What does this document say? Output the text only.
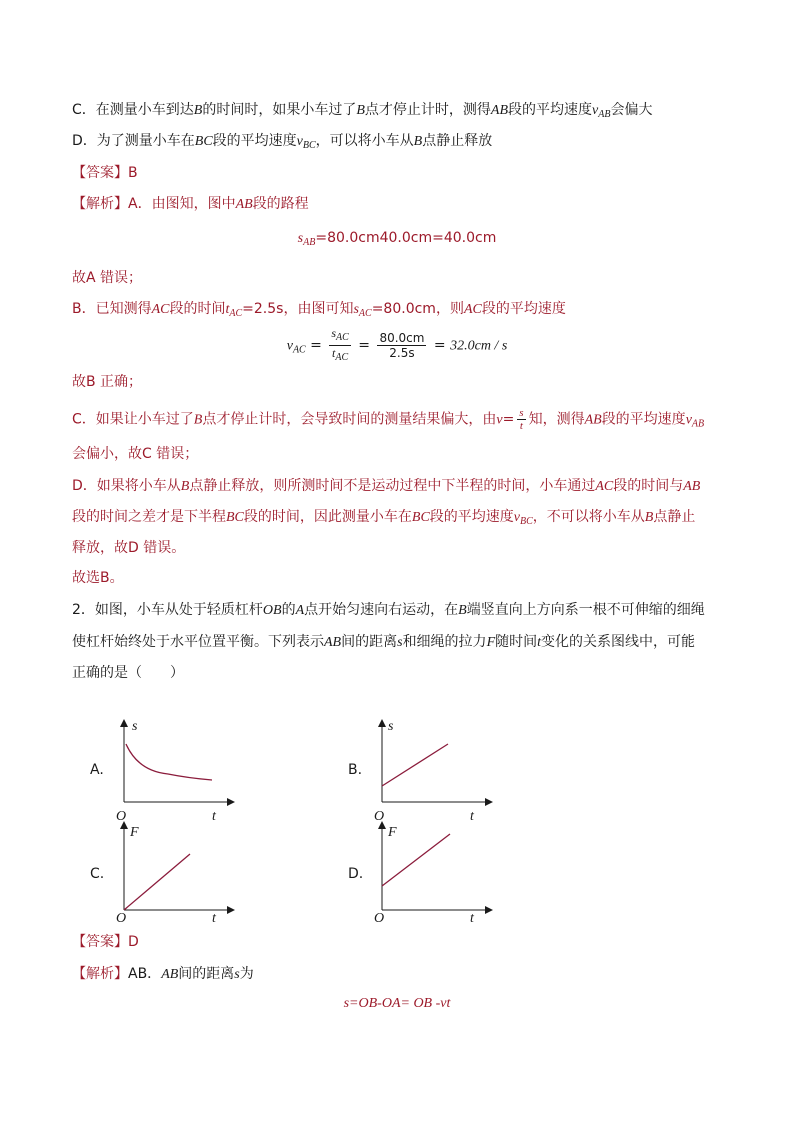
C．在测量小车到达B的时间时，如果小车过了B点才停止计时，测得AB段的平均速度$v_{AB}$会偏大
D．为了测量小车在BC段的平均速度$v_{BC}$，可以将小车从B点静止释放
【答案】B
【解析】A．由图知，图中AB段的路程
$s_{AB}=80.0cm40.0cm=40.0cm$
故A 错误；
B．已知测得AC段的时间$t_{AC}=2.5s$，由图可知$s_{AC}=80.0cm$，则AC段的平均速度
$v_{AC} = \frac{s_{AC}}{t_{AC}} = \frac{80.0cm}{2.5s} = 32.0cm / s$
故B 正确；
C．如果让小车过了B点才停止计时，会导致时间的测量结果偏大，由$v= \frac{s}{t}$ 知，测得AB段的平均速度$v_{AB}$
会偏小，故C 错误；
D．如果将小车从B点静止释放，则所测时间不是运动过程中下半程的时间，小车通过AC段的时间与AB
段的时间之差才是下半程BC段的时间，因此测量小车在BC段的平均速度$v_{BC}$，不可以将小车从B点静止
释放，故D 错误。
故选B。
2．如图，小车从处于轻质杠杆OB的A点开始匀速向右运动，在B端竖直向上方向系一根不可伸缩的细绳
使杠杆始终处于水平位置平衡。下列表示AB间的距离s和细绳的拉力F随时间t变化的关系图线中，可能
正确的是（　　）
A.
s
t
O
B.
s
t
O
C.
F
t
O
D.
F
t
O
【答案】D
【解析】AB．AB间的距离s为
s=OB-OA= OB -vt
